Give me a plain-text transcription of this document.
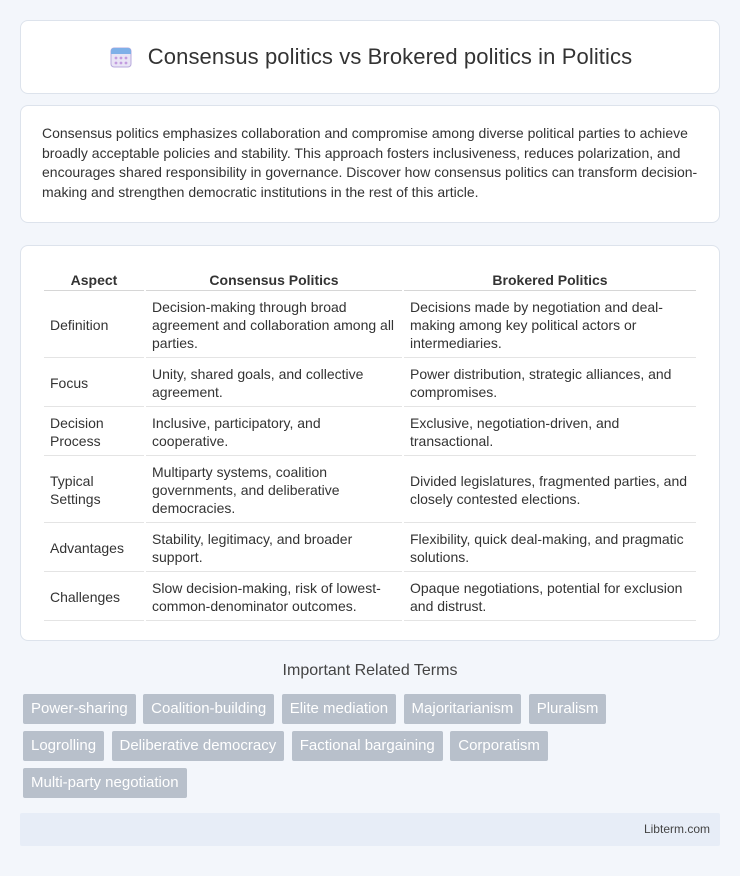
Consensus politics vs Brokered politics in Politics

Consensus politics emphasizes collaboration and compromise among diverse political parties to achieve broadly acceptable policies and stability. This approach fosters inclusiveness, reduces polarization, and encourages shared responsibility in governance. Discover how consensus politics can transform decision-making and strengthen democratic institutions in the rest of this article.

Aspect	Consensus Politics	Brokered Politics
Definition	Decision-making through broad agreement and collaboration among all parties.	Decisions made by negotiation and deal-making among key political actors or intermediaries.
Focus	Unity, shared goals, and collective agreement.	Power distribution, strategic alliances, and compromises.
Decision Process	Inclusive, participatory, and cooperative.	Exclusive, negotiation-driven, and transactional.
Typical Settings	Multiparty systems, coalition governments, and deliberative democracies.	Divided legislatures, fragmented parties, and closely contested elections.
Advantages	Stability, legitimacy, and broader support.	Flexibility, quick deal-making, and pragmatic solutions.
Challenges	Slow decision-making, risk of lowest-common-denominator outcomes.	Opaque negotiations, potential for exclusion and distrust.
Important Related Terms
Power-sharing Coalition-building Elite mediation Majoritarianism Pluralism
Logrolling Deliberative democracy Factional bargaining Corporatism
Multi-party negotiation
Libterm.com
